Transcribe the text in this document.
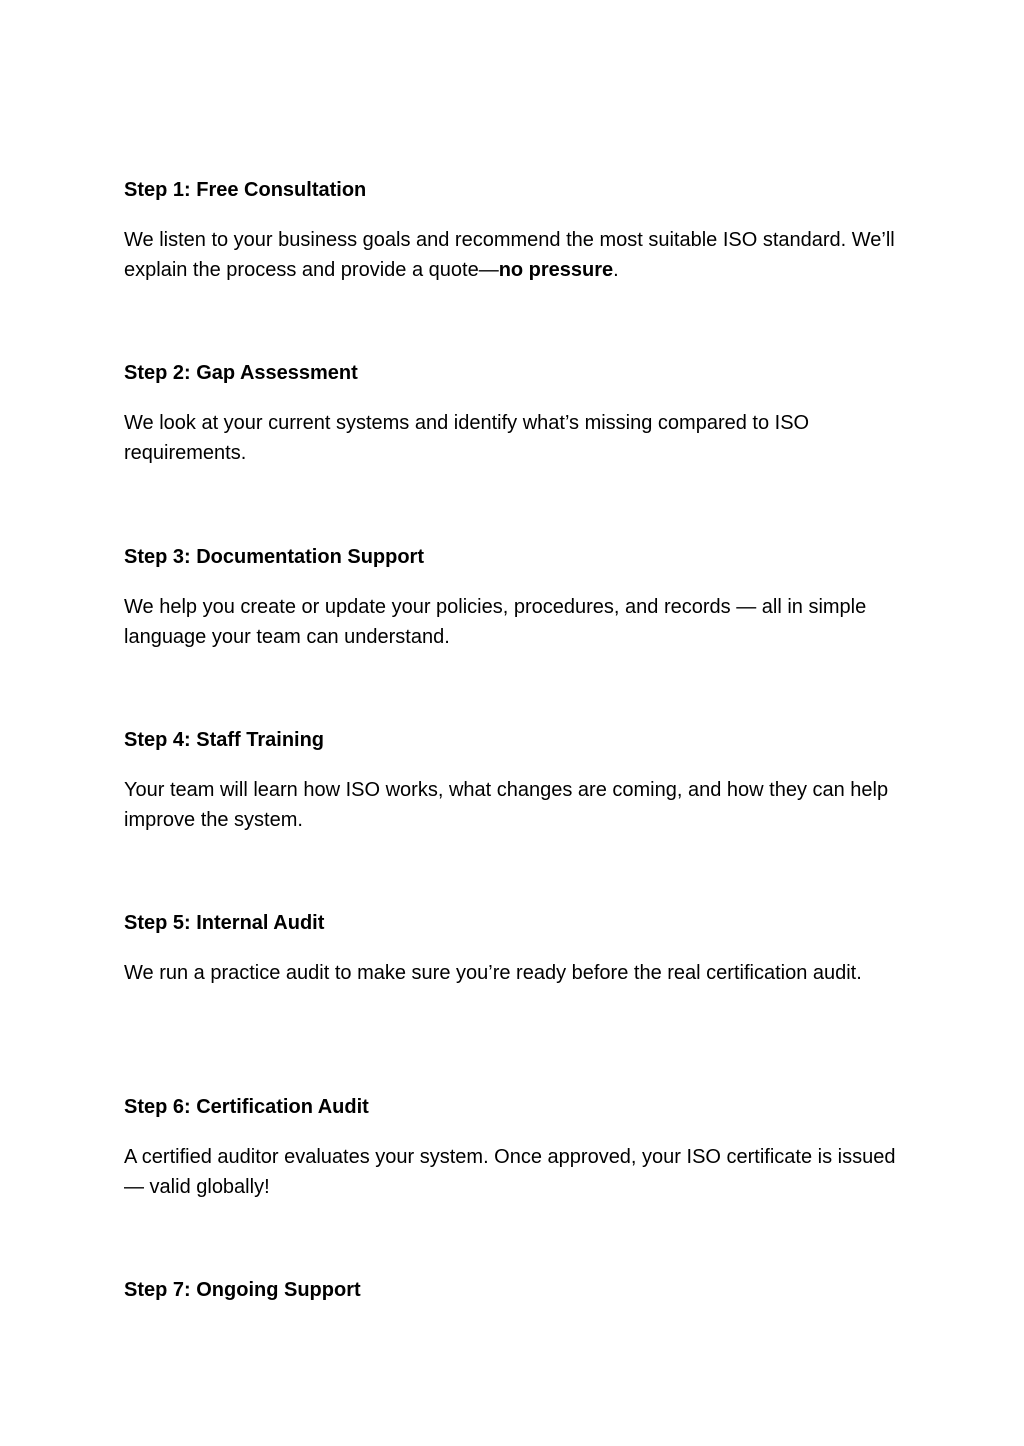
Step 1: Free Consultation

We listen to your business goals and recommend the most suitable ISO standard. We’ll explain the process and provide a quote—no pressure.

Step 2: Gap Assessment

We look at your current systems and identify what’s missing compared to ISO requirements.

Step 3: Documentation Support

We help you create or update your policies, procedures, and records — all in simple language your team can understand.

Step 4: Staff Training

Your team will learn how ISO works, what changes are coming, and how they can help improve the system.

Step 5: Internal Audit

We run a practice audit to make sure you’re ready before the real certification audit.

Step 6: Certification Audit

A certified auditor evaluates your system. Once approved, your ISO certificate is issued — valid globally!

Step 7: Ongoing Support
